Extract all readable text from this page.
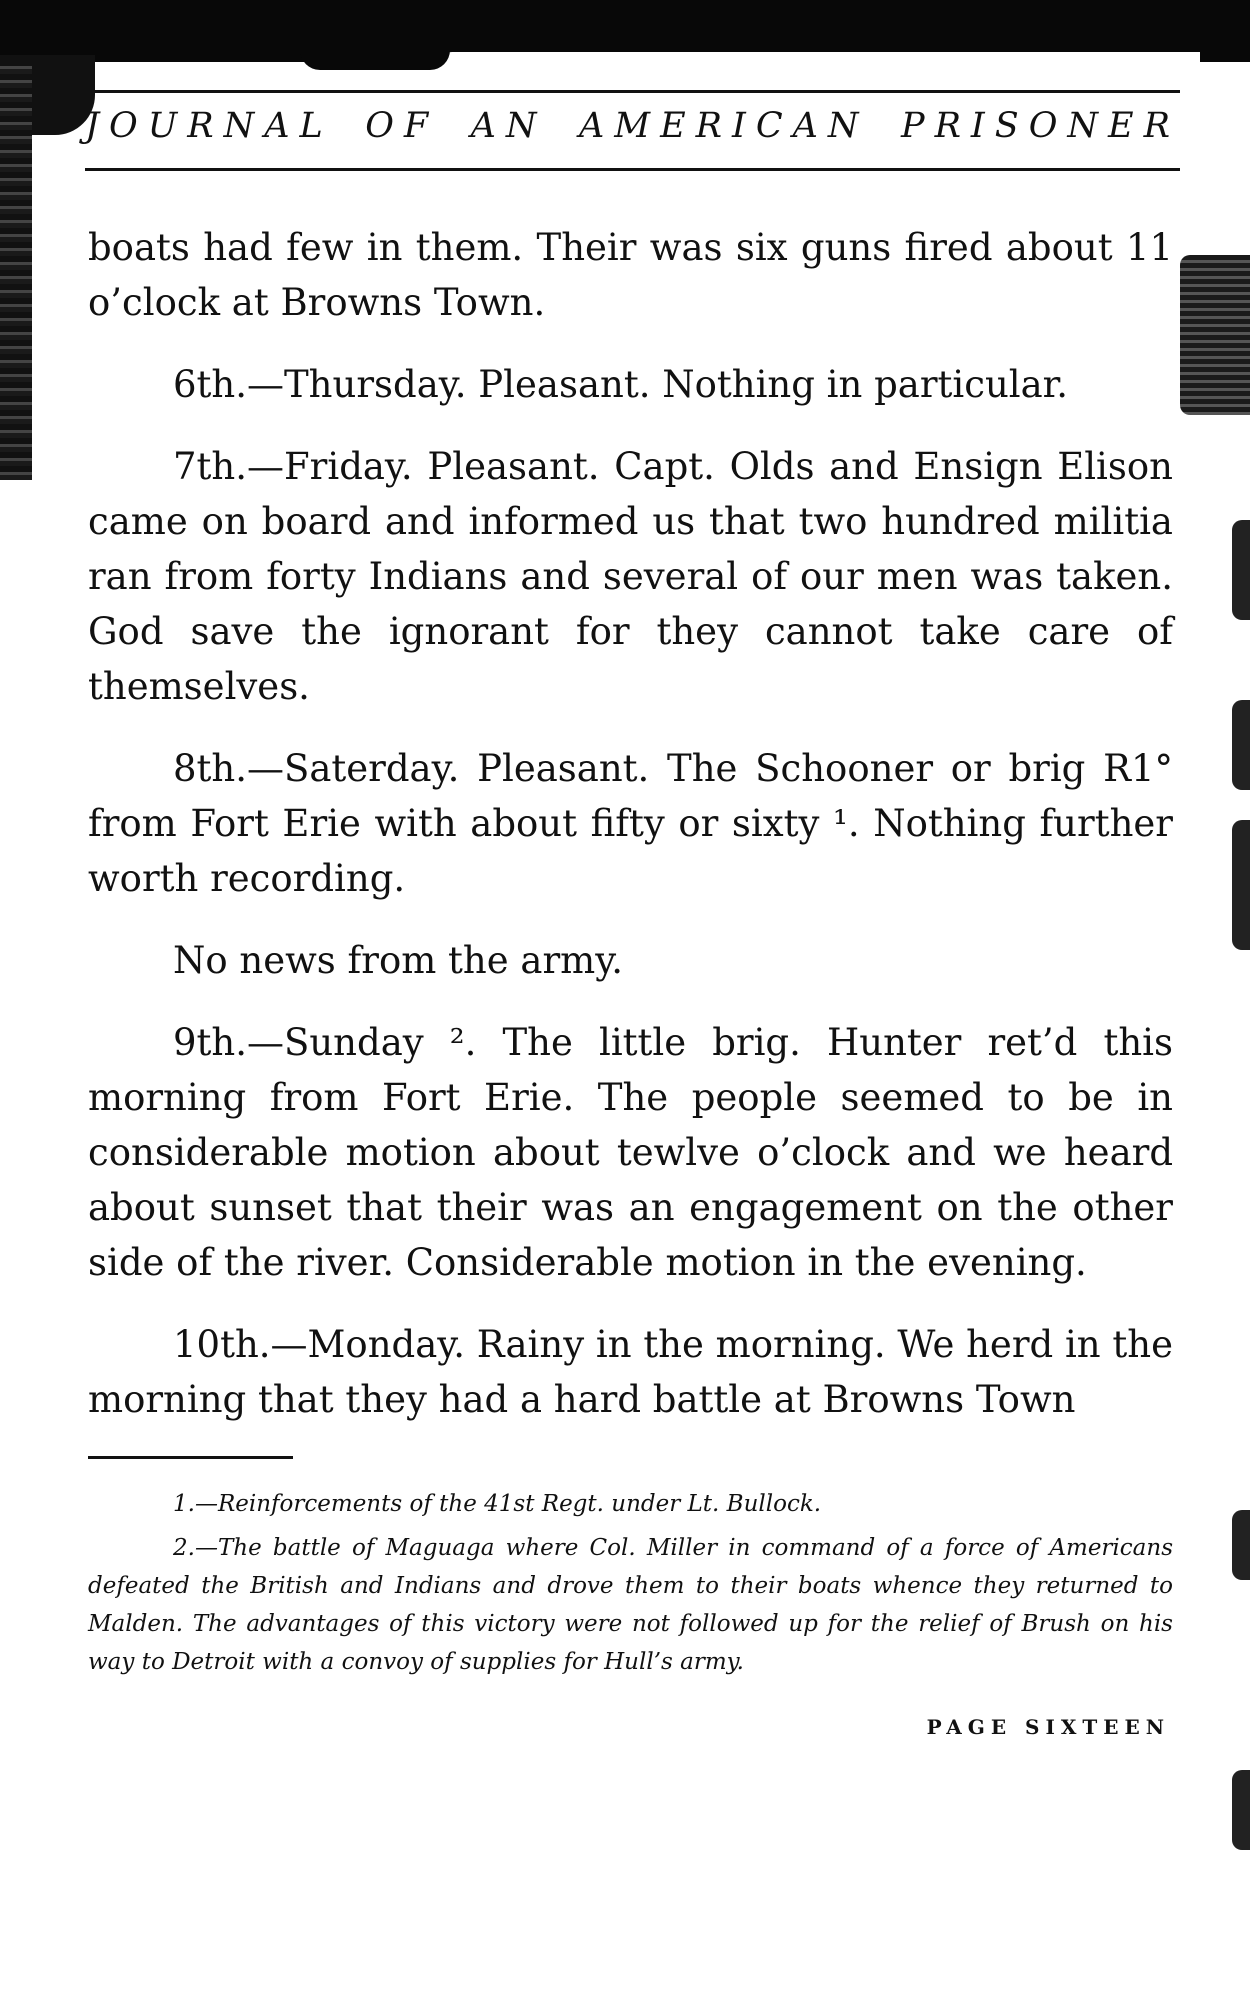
JOURNAL OF AN AMERICAN PRISONER

boats had few in them. Their was six guns fired about 11 o’clock at Browns Town.

6th.—Thursday. Pleasant. Nothing in particular.

7th.—Friday. Pleasant. Capt. Olds and Ensign Elison came on board and informed us that two hundred militia ran from forty Indians and several of our men was taken. God save the ignorant for they cannot take care of themselves.

8th.—Saterday. Pleasant. The Schooner or brig R1° from Fort Erie with about fifty or sixty ¹. Nothing further worth recording.

No news from the army.

9th.—Sunday ². The little brig. Hunter ret’d this morning from Fort Erie. The people seemed to be in considerable motion about tewlve o’clock and we heard about sunset that their was an engagement on the other side of the river. Considerable motion in the evening.

10th.—Monday. Rainy in the morning. We herd in the morning that they had a hard battle at Browns Town

1.—Reinforcements of the 41st Regt. under Lt. Bullock.

2.—The battle of Maguaga where Col. Miller in command of a force of Americans defeated the British and Indians and drove them to their boats whence they returned to Malden. The advantages of this victory were not followed up for the relief of Brush on his way to Detroit with a convoy of supplies for Hull’s army.

PAGE SIXTEEN
